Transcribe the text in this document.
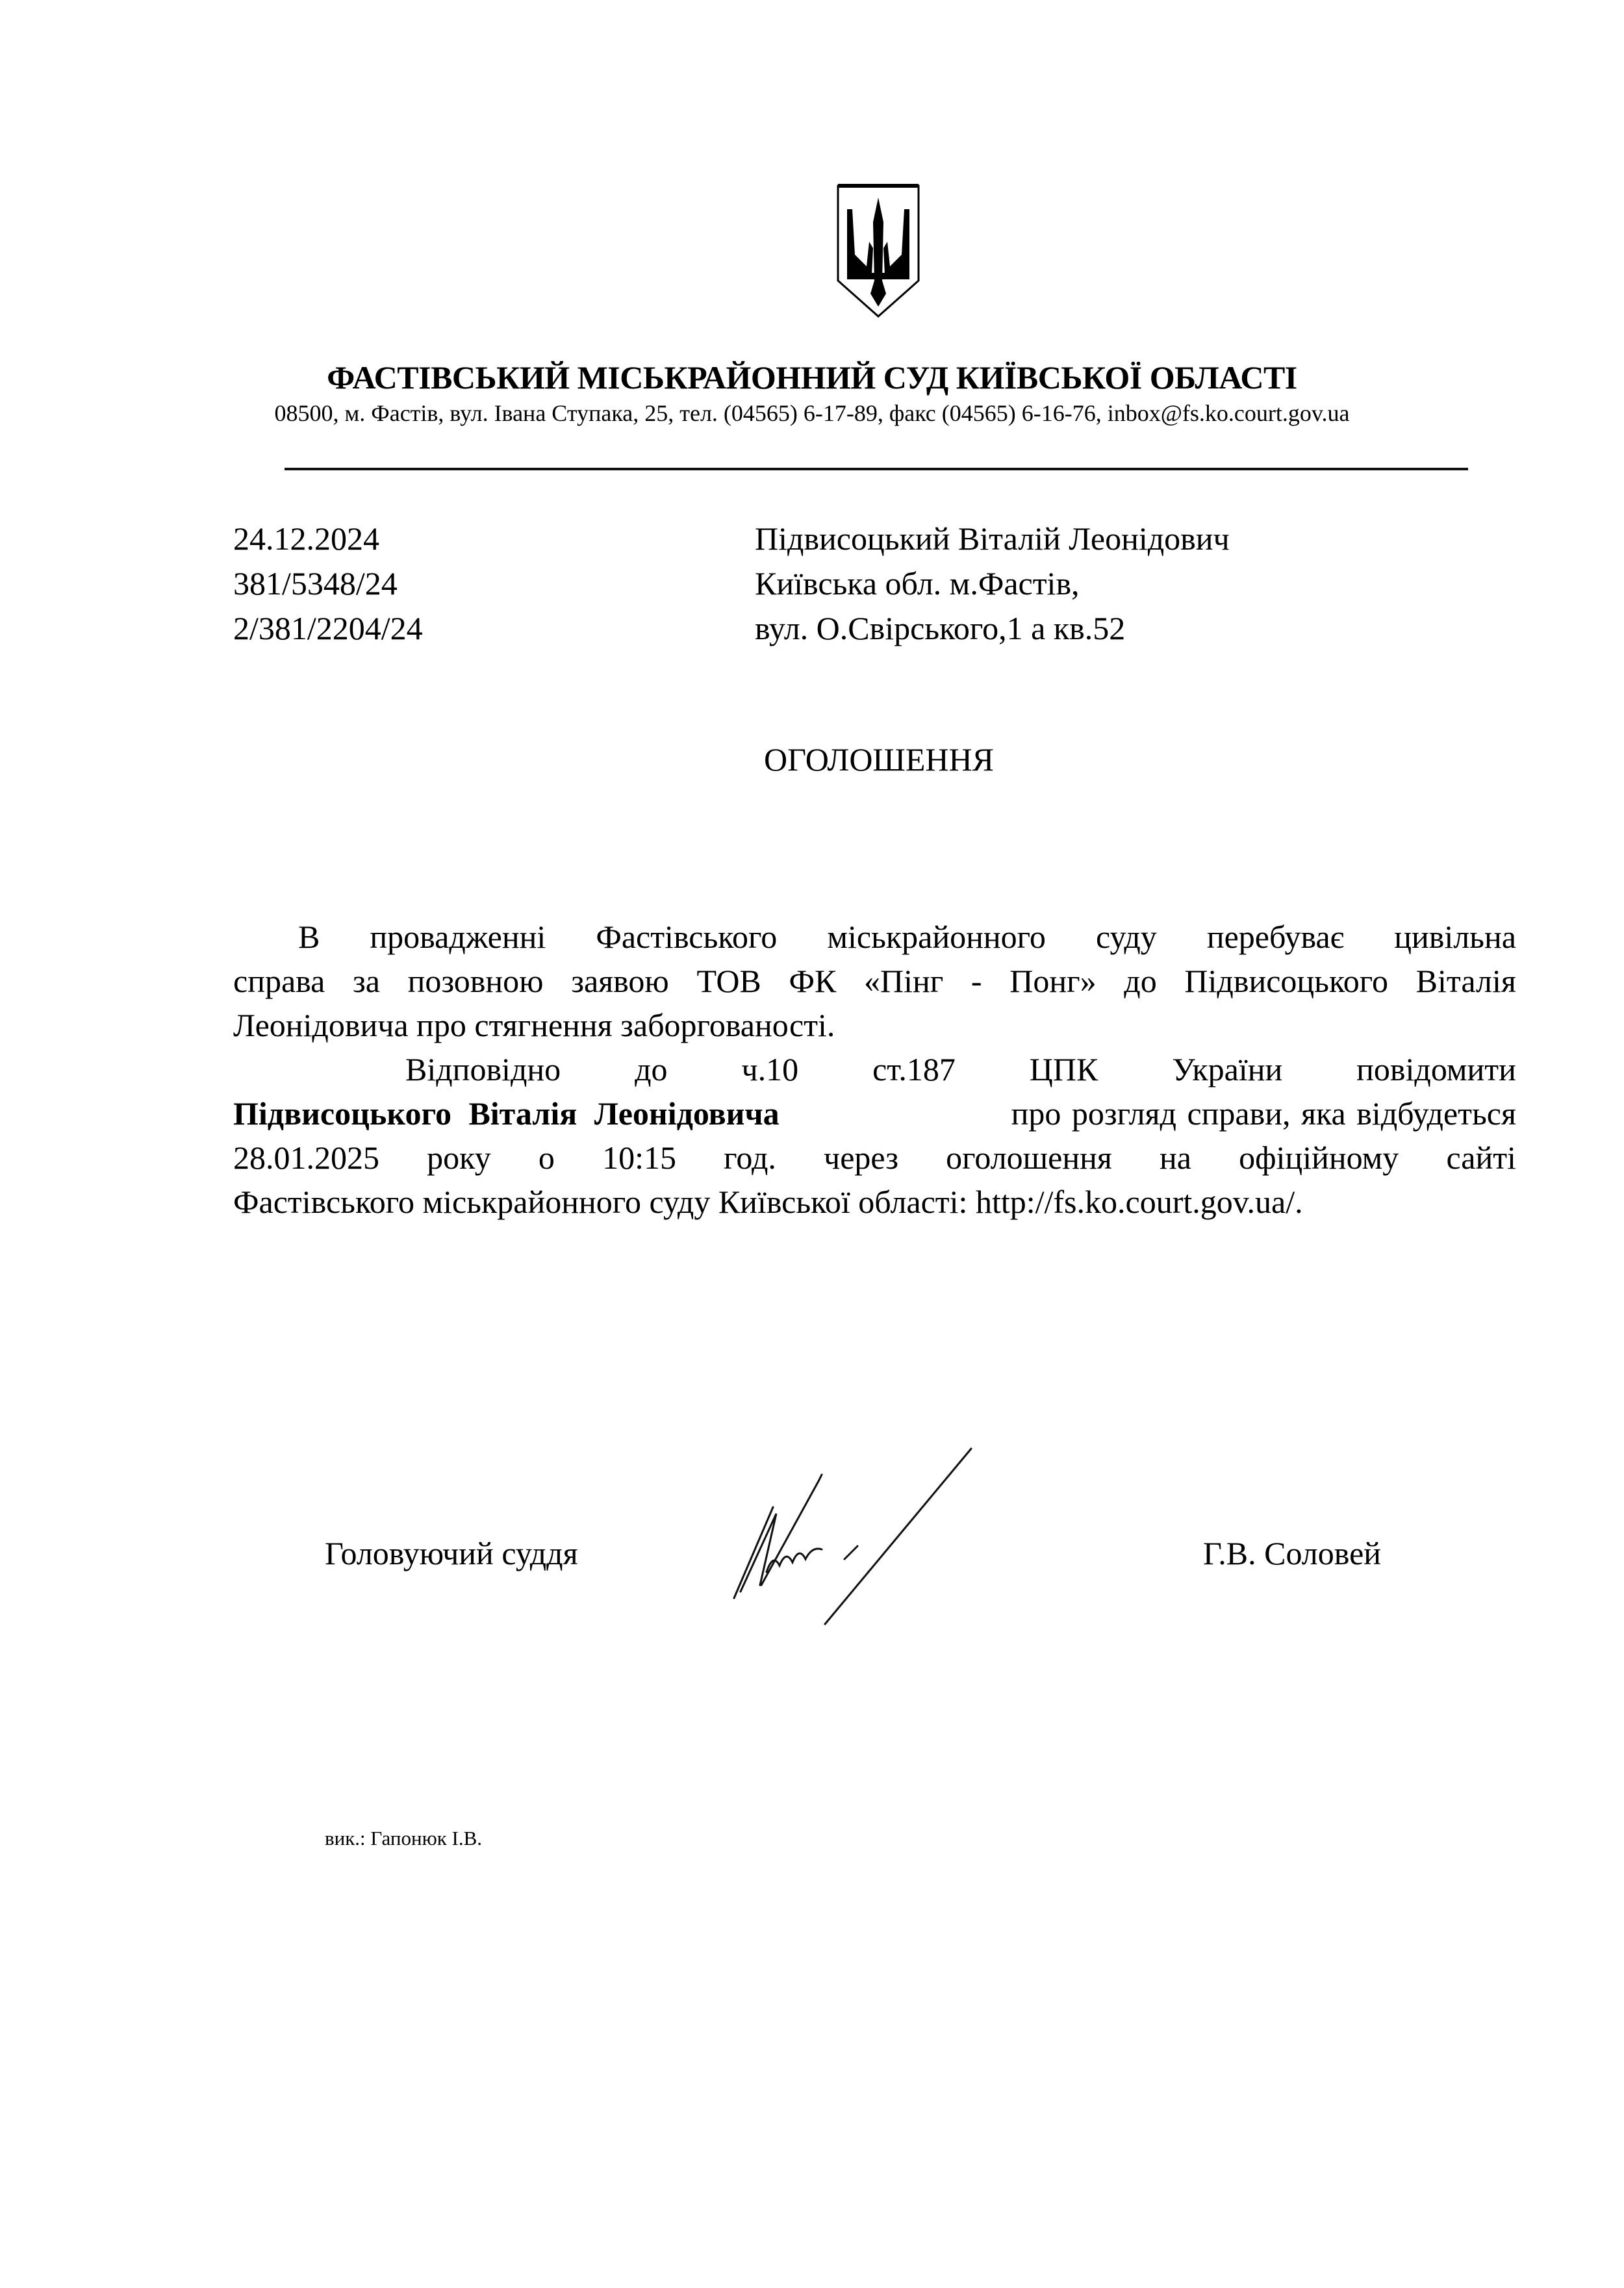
ФАСТІВСЬКИЙ МІСЬКРАЙОННИЙ СУД КИЇВСЬКОЇ ОБЛАСТІ
08500, м. Фастів, вул. Івана Ступака, 25, тел. (04565) 6-17-89, факс (04565) 6-16-76, inbox@fs.ko.court.gov.ua
24.12.2024
381/5348/24
2/381/2204/24
Підвисоцький Віталій Леонідович
Київська обл. м.Фастів,
вул. О.Свірського,1 а кв.52
ОГОЛОШЕННЯ
В провадженні Фастівського міськрайонного суду перебуває цивільна
справа за позовною заявою ТОВ ФК «Пінг - Понг» до Підвисоцького Віталія
Леонідовича про стягнення заборгованості.
Відповідно до ч.10 ст.187 ЦПК України повідомити
Підвисоцького Віталія Леонідовича	про розгляд справи, яка відбудеться
28.01.2025 року о 10:15 год. через оголошення на офіційному сайті
Фастівського міськрайонного суду Київської області: http://fs.ko.court.gov.ua/.
Головуючий суддя	Г.В. Соловей
вик.: Гапонюк І.В.
